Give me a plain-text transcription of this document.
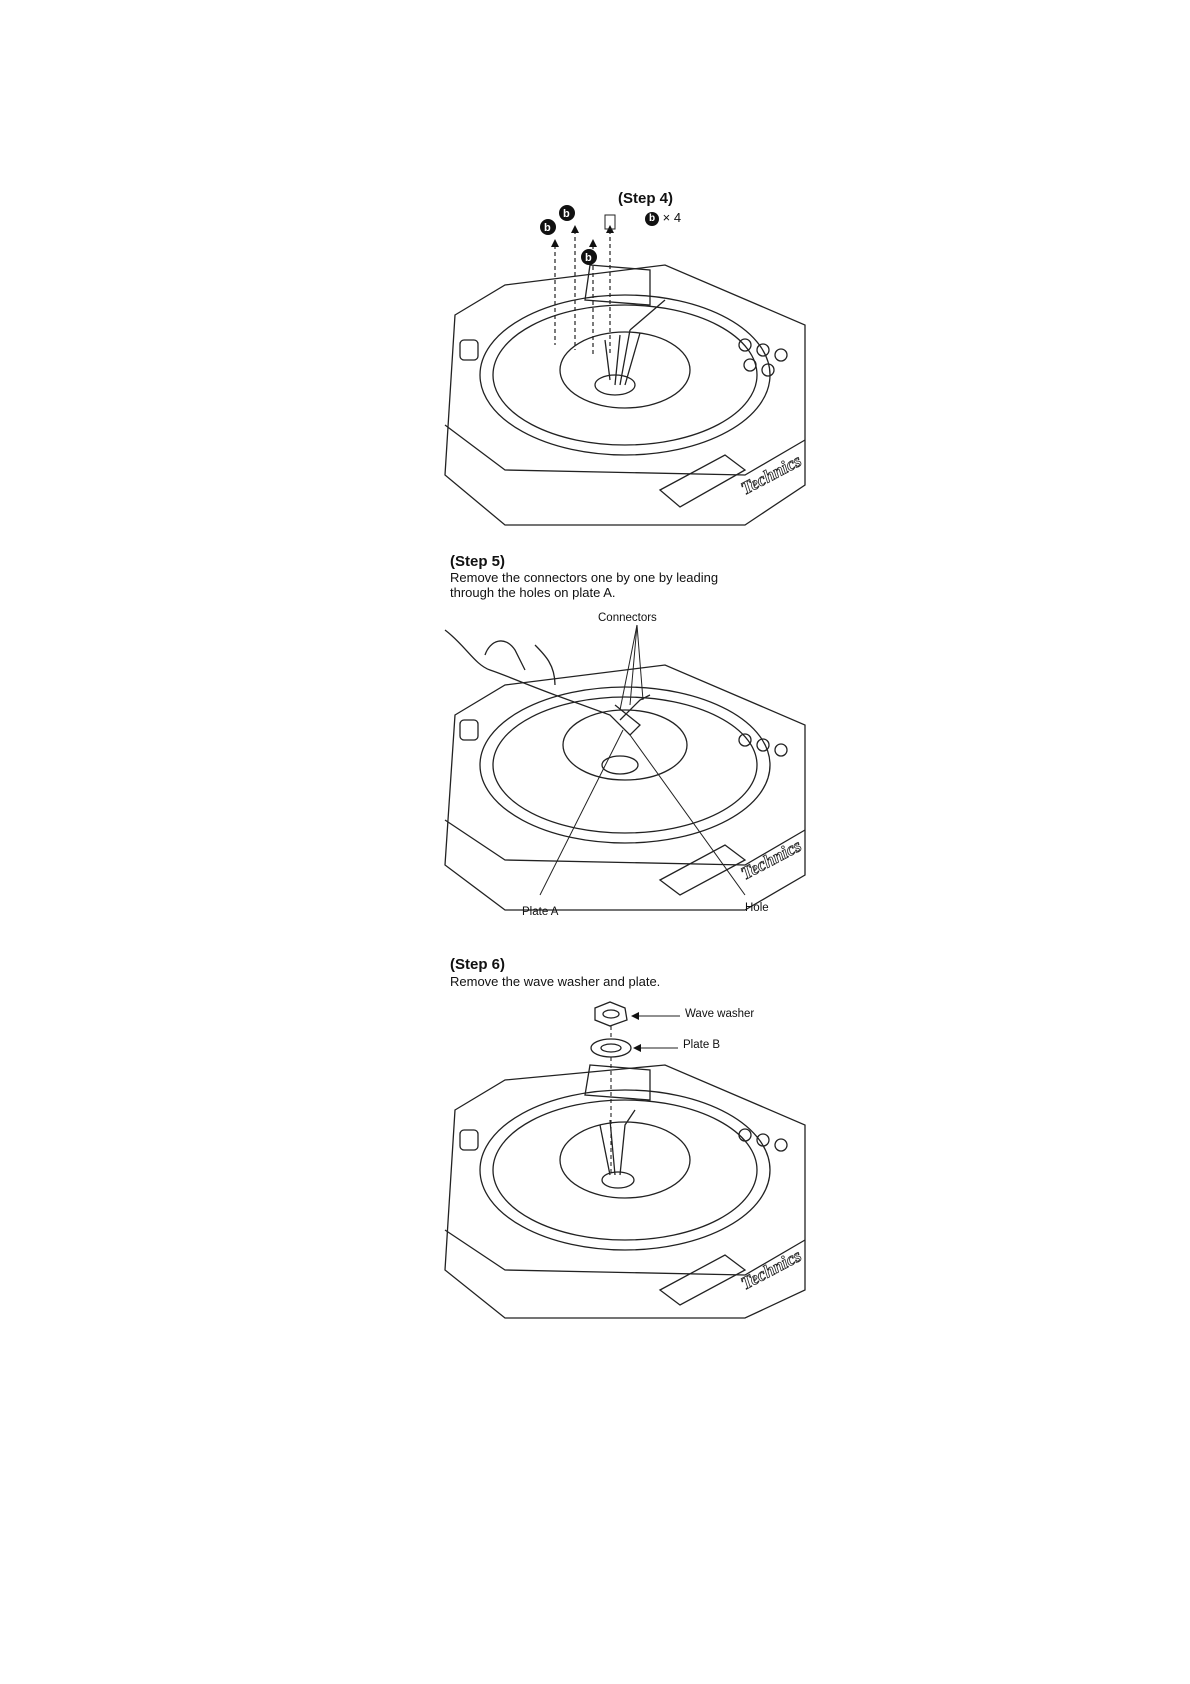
(Step 4)
b × 4
b
b
b
Technics
(Step 5)
Remove the connectors one by one by leading
through the holes on plate A.
Connectors
Technics
Plate A	Hole
(Step 6)
Remove the wave washer and plate.
Wave washer
Plate B
Technics
